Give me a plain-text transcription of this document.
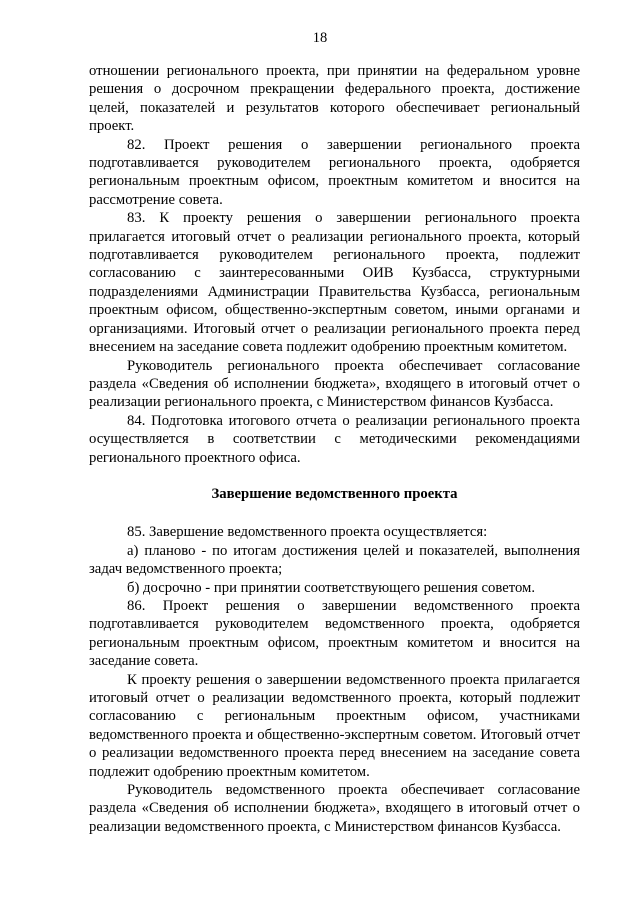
18

отношении регионального проекта, при принятии на федеральном уровне решения о досрочном прекращении федерального проекта, достижение целей, показателей и результатов которого обеспечивает региональный проект.

82. Проект решения о завершении регионального проекта подготавливается руководителем регионального проекта, одобряется региональным проектным офисом, проектным комитетом и вносится на рассмотрение совета.

83. К проекту решения о завершении регионального проекта прилагается итоговый отчет о реализации регионального проекта, который подготавливается руководителем регионального проекта, подлежит согласованию с заинтересованными ОИВ Кузбасса, структурными подразделениями Администрации Правительства Кузбасса, региональным проектным офисом, общественно-экспертным советом, иными органами и организациями. Итоговый отчет о реализации регионального проекта перед внесением на заседание совета подлежит одобрению проектным комитетом.

Руководитель регионального проекта обеспечивает согласование раздела «Сведения об исполнении бюджета», входящего в итоговый отчет о реализации регионального проекта, с Министерством финансов Кузбасса.

84. Подготовка итогового отчета о реализации регионального проекта осуществляется в соответствии с методическими рекомендациями регионального проектного офиса.

Завершение ведомственного проекта

85. Завершение ведомственного проекта осуществляется:

а) планово - по итогам достижения целей и показателей, выполнения задач ведомственного проекта;

б) досрочно - при принятии соответствующего решения советом.

86. Проект решения о завершении ведомственного проекта подготавливается руководителем ведомственного проекта, одобряется региональным проектным офисом, проектным комитетом и вносится на заседание совета.

К проекту решения о завершении ведомственного проекта прилагается итоговый отчет о реализации ведомственного проекта, который подлежит согласованию с региональным проектным офисом, участниками ведомственного проекта и общественно-экспертным советом. Итоговый отчет о реализации ведомственного проекта перед внесением на заседание совета подлежит одобрению проектным комитетом.

Руководитель ведомственного проекта обеспечивает согласование раздела «Сведения об исполнении бюджета», входящего в итоговый отчет о реализации ведомственного проекта, с Министерством финансов Кузбасса.
